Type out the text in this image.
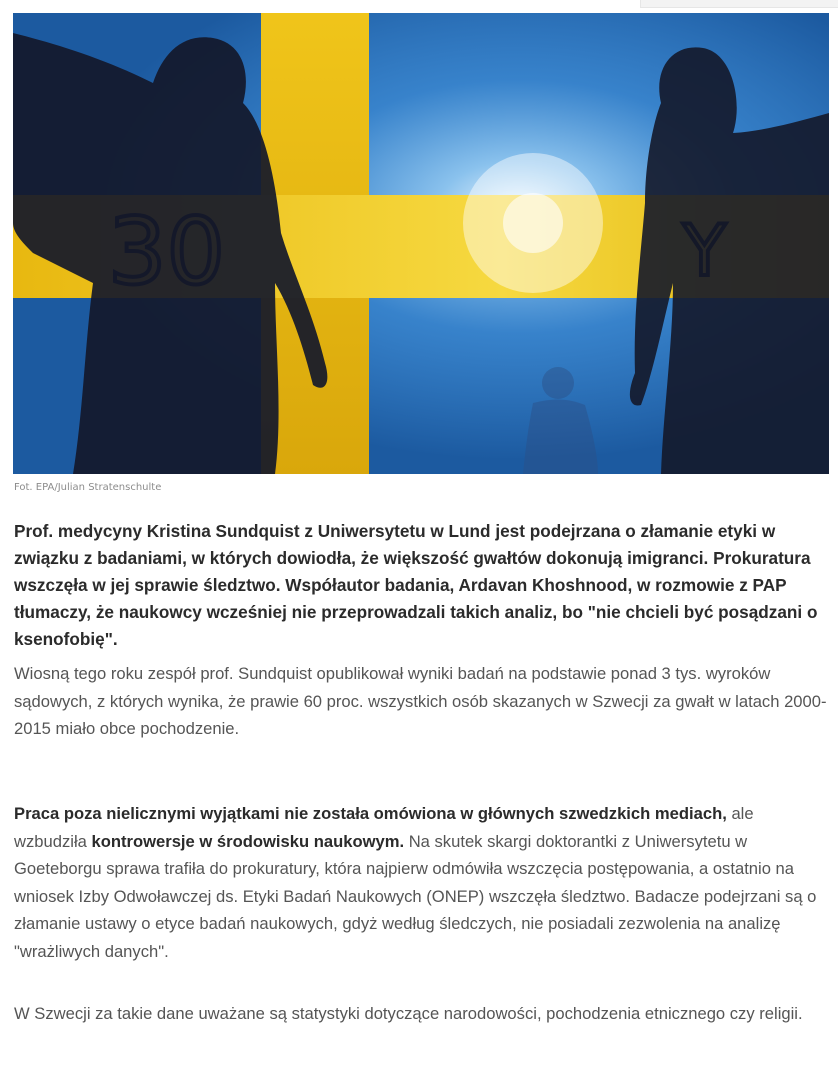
Fot. EPA/Julian Stratenschulte

Prof. medycyny Kristina Sundquist z Uniwersytetu w Lund jest podejrzana o złamanie etyki w związku z badaniami, w których dowiodła, że większość gwałtów dokonują imigranci. Prokuratura wszczęła w jej sprawie śledztwo. Współautor badania, Ardavan Khoshnood, w rozmowie z PAP tłumaczy, że naukowcy wcześniej nie przeprowadzali takich analiz, bo "nie chcieli być posądzani o ksenofobię".

Wiosną tego roku zespół prof. Sundquist opublikował wyniki badań na podstawie ponad 3 tys. wyroków sądowych, z których wynika, że prawie 60 proc. wszystkich osób skazanych w Szwecji za gwałt w latach 2000-2015 miało obce pochodzenie.

Praca poza nielicznymi wyjątkami nie została omówiona w głównych szwedzkich mediach, ale wzbudziła kontrowersje w środowisku naukowym. Na skutek skargi doktorantki z Uniwersytetu w Goeteborgu sprawa trafiła do prokuratury, która najpierw odmówiła wszczęcia postępowania, a ostatnio na wniosek Izby Odwoławczej ds. Etyki Badań Naukowych (ONEP) wszczęła śledztwo. Badacze podejrzani są o złamanie ustawy o etyce badań naukowych, gdyż według śledczych, nie posiadali zezwolenia na analizę "wrażliwych danych".

W Szwecji za takie dane uważane są statystyki dotyczące narodowości, pochodzenia etnicznego czy religii.
